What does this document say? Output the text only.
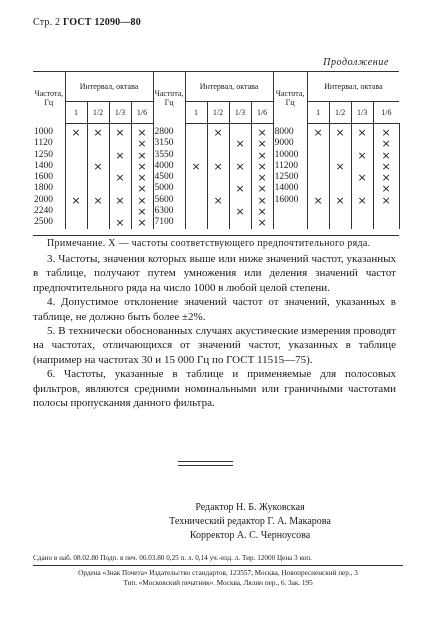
Стр. 2 ГОСТ 12090—80
Продолжение
Частота, Гц	Интервал, октава				Частота, Гц	Интервал, октава				Частота, Гц	Интервал, октава			
	1	1/2	1/3	1/6		1	1/2	1/3	1/6		1	1/2	1/3	1/6
1000	×	×	×	×	2800		×		×	8000	×	×	×	×
1120				×	3150			×	×	9000				×
1250			×	×	3550				×	10000			×	×
1400		×		×	4000	×	×	×	×	11200		×		×
1600			×	×	4500				×	12500			×	×
1800				×	5000			×	×	14000				×
2000	×	×	×	×	5600		×		×	16000	×	×	×	×
2240				×	6300			×	×					
2500			×	×	7100				×					
Примечание. X — частоты соответствующего предпочтительного ряда.

3. Частоты, значения которых выше или ниже значений частот, указанных в таблице, получают путем умножения или деления значений частот предпочтительного ряда на число 1000 в любой целой степени.

4. Допустимое отклонение значений частот от значений, указанных в таблице, не должно быть более ±2%.

5. В технически обоснованных случаях акустические измерения проводят на частотах, отличающихся от значений частот, указанных в таблице (например на частотах 30 и 15 000 Гц по ГОСТ 11515—75).

6. Частоты, указанные в таблице и применяемые для полосовых фильтров, являются средними номинальными или граничными частотами полосы пропускания данного фильтра.

Редактор Н. Б. Жуковская
Технический редактор Г. А. Макарова
Корректор А. С. Черноусова
Сдано в наб. 08.02.80 Подп. в печ. 06.03.80 0,25 п. л. 0,14 уч.-изд. л. Тир. 12000 Цена 3 коп.
Ордена «Знак Почета» Издательство стандартов, 123557, Москва, Новопресненский пер., 3
Тип. «Московский печатник». Москва, Лялин пер., 6. Зак. 195
